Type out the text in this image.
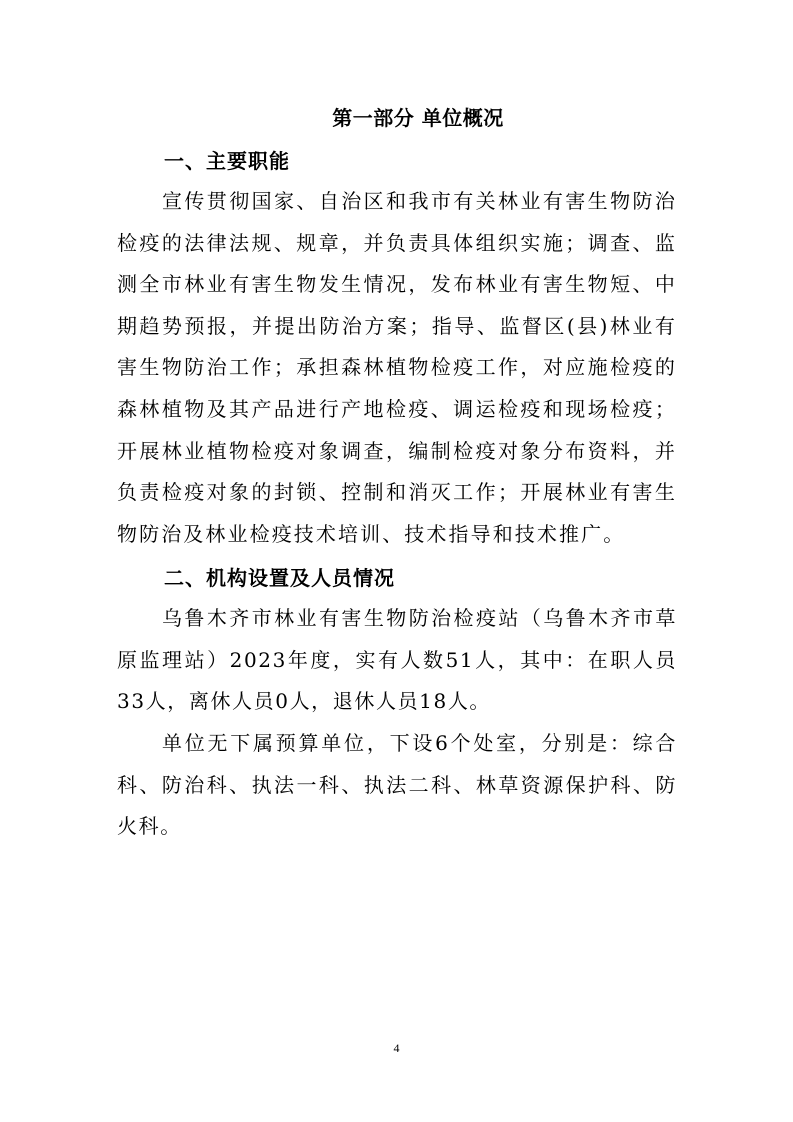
第一部分 单位概况
一、主要职能

宣传贯彻国家、自治区和我市有关林业有害生物防治检疫的法律法规、规章，并负责具体组织实施；调查、监测全市林业有害生物发生情况，发布林业有害生物短、中期趋势预报，并提出防治方案；指导、监督区(县)林业有害生物防治工作；承担森林植物检疫工作，对应施检疫的森林植物及其产品进行产地检疫、调运检疫和现场检疫；开展林业植物检疫对象调查，编制检疫对象分布资料，并负责检疫对象的封锁、控制和消灭工作；开展林业有害生物防治及林业检疫技术培训、技术指导和技术推广。

二、机构设置及人员情况

乌鲁木齐市林业有害生物防治检疫站（乌鲁木齐市草原监理站）2023年度，实有人数51人，其中：在职人员33人，离休人员0人，退休人员18人。

单位无下属预算单位，下设6个处室，分别是：综合科、防治科、执法一科、执法二科、林草资源保护科、防火科。

4
